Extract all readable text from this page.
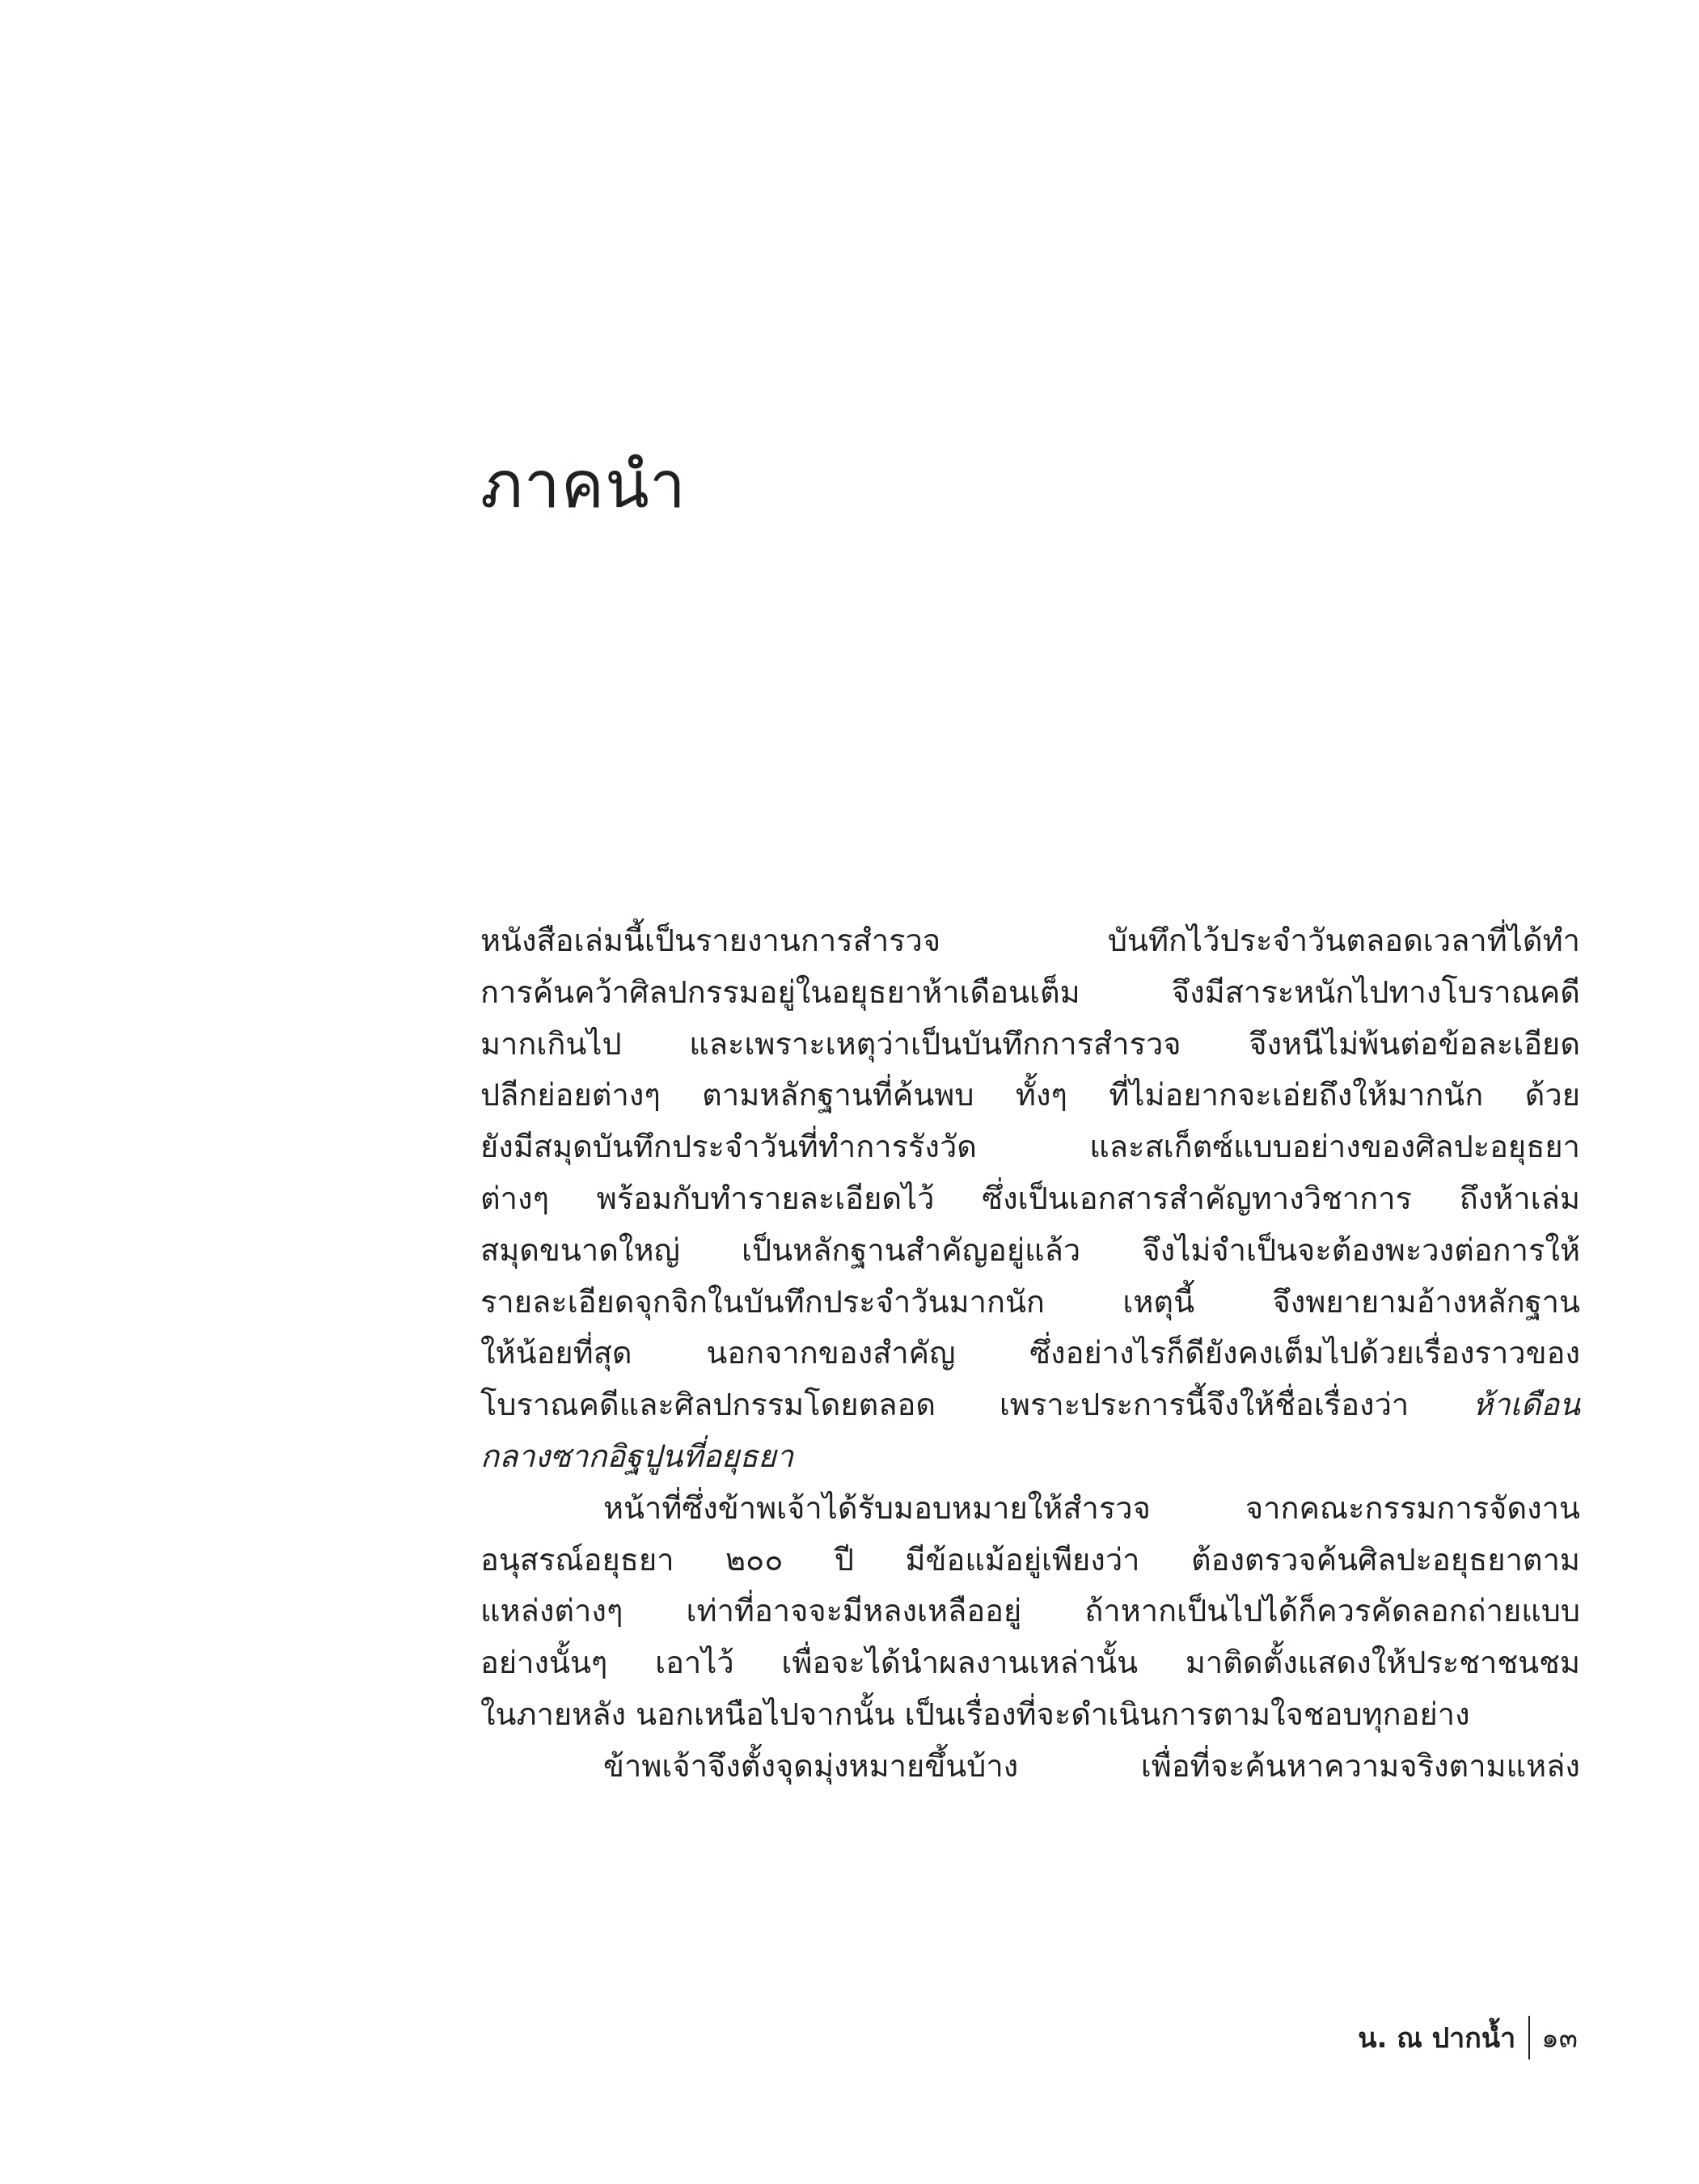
ภาคนำ
หนังสือเล่มนี้เป็นรายงานการสำรวจ บันทึกไว้ประจำวันตลอดเวลาที่ได้ทำ
การค้นคว้าศิลปกรรมอยู่ในอยุธยาห้าเดือนเต็ม จึงมีสาระหนักไปทางโบราณคดี
มากเกินไป และเพราะเหตุว่าเป็นบันทึกการสำรวจ จึงหนีไม่พ้นต่อข้อละเอียด
ปลีกย่อยต่างๆ ตามหลักฐานที่ค้นพบ ทั้งๆ ที่ไม่อยากจะเอ่ยถึงให้มากนัก ด้วย
ยังมีสมุดบันทึกประจำวันที่ทำการรังวัด และสเก็ตซ์แบบอย่างของศิลปะอยุธยา
ต่างๆ พร้อมกับทำรายละเอียดไว้ ซึ่งเป็นเอกสารสำคัญทางวิชาการ ถึงห้าเล่ม
สมุดขนาดใหญ่ เป็นหลักฐานสำคัญอยู่แล้ว จึงไม่จำเป็นจะต้องพะวงต่อการให้
รายละเอียดจุกจิกในบันทึกประจำวันมากนัก เหตุนี้ จึงพยายามอ้างหลักฐาน
ให้น้อยที่สุด นอกจากของสำคัญ ซึ่งอย่างไรก็ดียังคงเต็มไปด้วยเรื่องราวของ
โบราณคดีและศิลปกรรมโดยตลอด เพราะประการนี้จึงให้ชื่อเรื่องว่า ห้าเดือน
กลางซากอิฐปูนที่อยุธยา
หน้าที่ซึ่งข้าพเจ้าได้รับมอบหมายให้สำรวจ จากคณะกรรมการจัดงาน
อนุสรณ์อยุธยา ๒๐๐ ปี มีข้อแม้อยู่เพียงว่า ต้องตรวจค้นศิลปะอยุธยาตาม
แหล่งต่างๆ เท่าที่อาจจะมีหลงเหลืออยู่ ถ้าหากเป็นไปได้ก็ควรคัดลอกถ่ายแบบ
อย่างนั้นๆ เอาไว้ เพื่อจะได้นำผลงานเหล่านั้น มาติดตั้งแสดงให้ประชาชนชม
ในภายหลัง นอกเหนือไปจากนั้น เป็นเรื่องที่จะดำเนินการตามใจชอบทุกอย่าง
ข้าพเจ้าจึงตั้งจุดมุ่งหมายขึ้นบ้าง เพื่อที่จะค้นหาความจริงตามแหล่ง
น. ณ ปากน้ำ ๑๓
